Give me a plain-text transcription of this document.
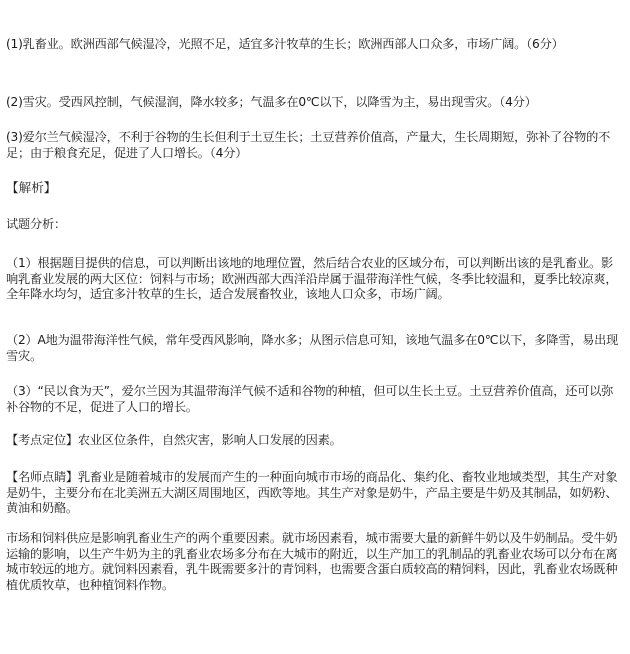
(1)乳畜业。欧洲西部气候湿冷，光照不足，适宜多汁牧草的生长；欧洲西部人口众多，市场广阔。（6分）

(2)雪灾。受西风控制，气候湿润，降水较多；气温多在0℃以下，以降雪为主，易出现雪灾。（4分）

(3)爱尔兰气候湿冷，不利于谷物的生长但利于土豆生长；土豆营养价值高，产量大，生长周期短，弥补了谷物的不足；由于粮食充足，促进了人口增长。（4分）

【解析】

试题分析：

（1）根据题目提供的信息，可以判断出该地的地理位置，然后结合农业的区域分布，可以判断出该的是乳畜业。影响乳畜业发展的两大区位：饲料与市场；欧洲西部大西洋沿岸属于温带海洋性气候，冬季比较温和，夏季比较凉爽，全年降水均匀，适宜多汁牧草的生长，适合发展畜牧业，该地人口众多，市场广阔。

（2）A地为温带海洋性气候，常年受西风影响，降水多；从图示信息可知，该地气温多在0℃以下，多降雪，易出现雪灾。

（3）“民以食为天”，爱尔兰因为其温带海洋气候不适和谷物的种植，但可以生长土豆。土豆营养价值高，还可以弥补谷物的不足，促进了人口的增长。

【考点定位】农业区位条件，自然灾害，影响人口发展的因素。

【名师点睛】乳畜业是随着城市的发展而产生的一种面向城市市场的商品化、集约化、畜牧业地域类型，其生产对象是奶牛，主要分布在北美洲五大湖区周围地区，西欧等地。其生产对象是奶牛，产品主要是牛奶及其制品，如奶粉、黄油和奶酪。

市场和饲料供应是影响乳畜业生产的两个重要因素。就市场因素看，城市需要大量的新鲜牛奶以及牛奶制品。受牛奶运输的影响，以生产牛奶为主的乳畜业农场多分布在大城市的附近，以生产加工的乳制品的乳畜业农场可以分布在离城市较远的地方。就饲料因素看，乳牛既需要多汁的青饲料，也需要含蛋白质较高的精饲料，因此，乳畜业农场既种植优质牧草，也种植饲料作物。
